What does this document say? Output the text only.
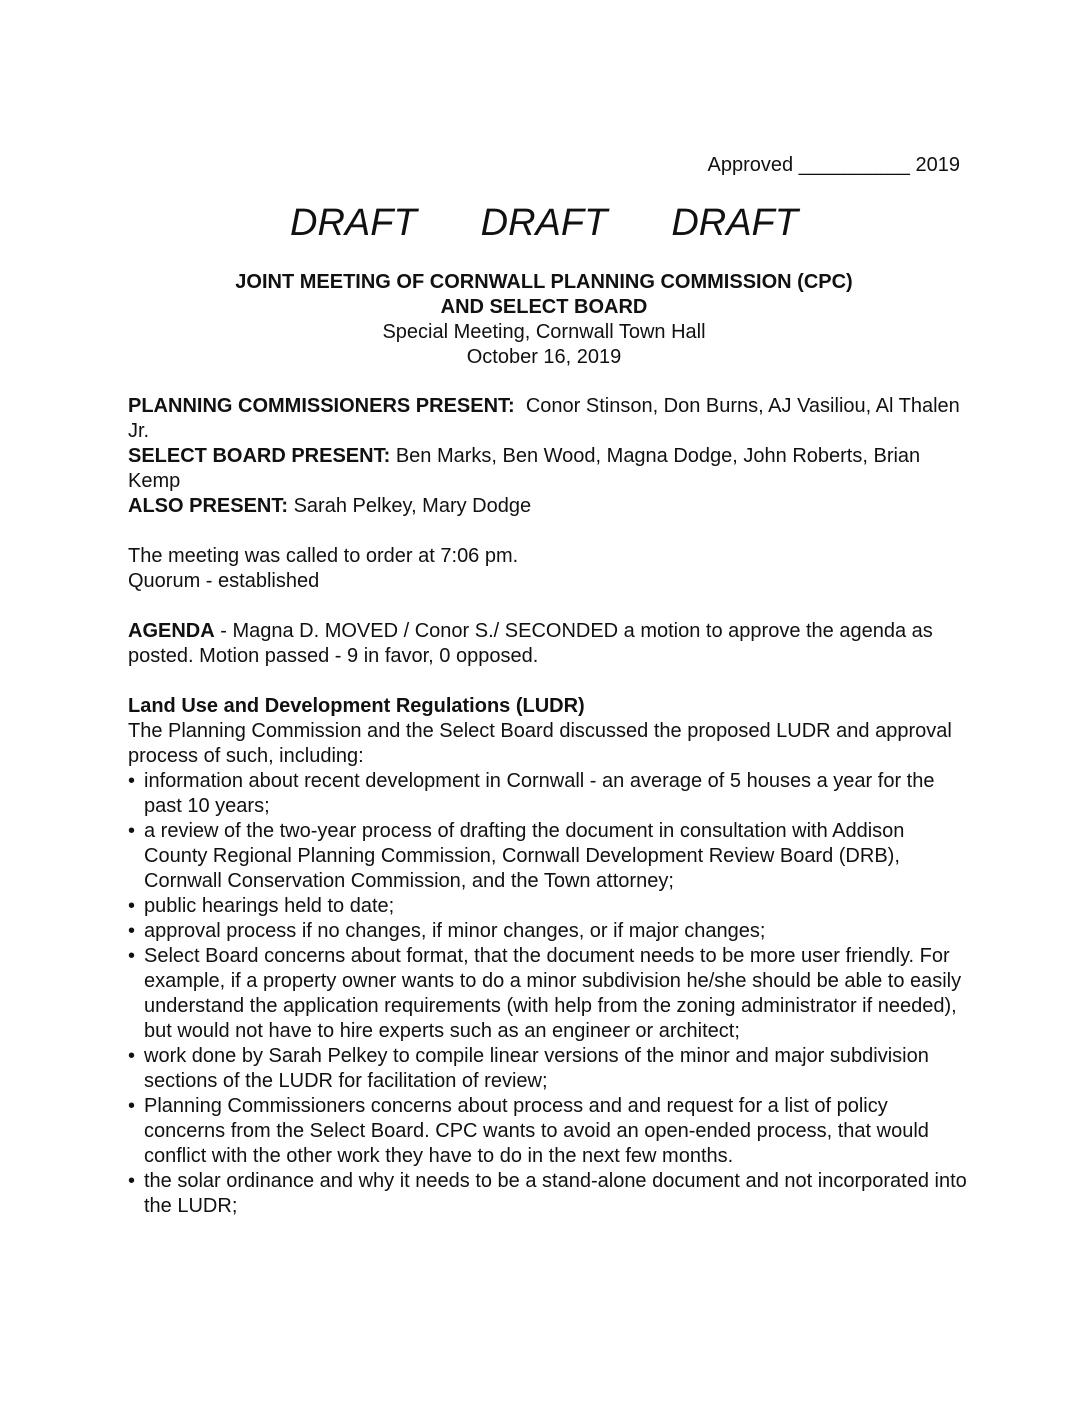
Approved __________ 2019
DRAFT DRAFT DRAFT
JOINT MEETING OF CORNWALL PLANNING COMMISSION (CPC)
AND SELECT BOARD
Special Meeting, Cornwall Town Hall
October 16, 2019

PLANNING COMMISSIONERS PRESENT: Conor Stinson, Don Burns, AJ Vasiliou, Al Thalen Jr.

SELECT BOARD PRESENT: Ben Marks, Ben Wood, Magna Dodge, John Roberts, Brian Kemp

ALSO PRESENT: Sarah Pelkey, Mary Dodge

The meeting was called to order at 7:06 pm.

Quorum - established

AGENDA - Magna D. MOVED / Conor S./ SECONDED a motion to approve the agenda as posted. Motion passed - 9 in favor, 0 opposed.

Land Use and Development Regulations (LUDR)

The Planning Commission and the Select Board discussed the proposed LUDR and approval process of such, including:

• information about recent development in Cornwall - an average of 5 houses a year for the past 10 years;
• a review of the two-year process of drafting the document in consultation with Addison County Regional Planning Commission, Cornwall Development Review Board (DRB), Cornwall Conservation Commission, and the Town attorney;
• public hearings held to date;
• approval process if no changes, if minor changes, or if major changes;
• Select Board concerns about format, that the document needs to be more user friendly. For example, if a property owner wants to do a minor subdivision he/she should be able to easily understand the application requirements (with help from the zoning administrator if needed), but would not have to hire experts such as an engineer or architect;
• work done by Sarah Pelkey to compile linear versions of the minor and major subdivision sections of the LUDR for facilitation of review;
• Planning Commissioners concerns about process and and request for a list of policy concerns from the Select Board. CPC wants to avoid an open-ended process, that would conflict with the other work they have to do in the next few months.
• the solar ordinance and why it needs to be a stand-alone document and not incorporated into the LUDR;
